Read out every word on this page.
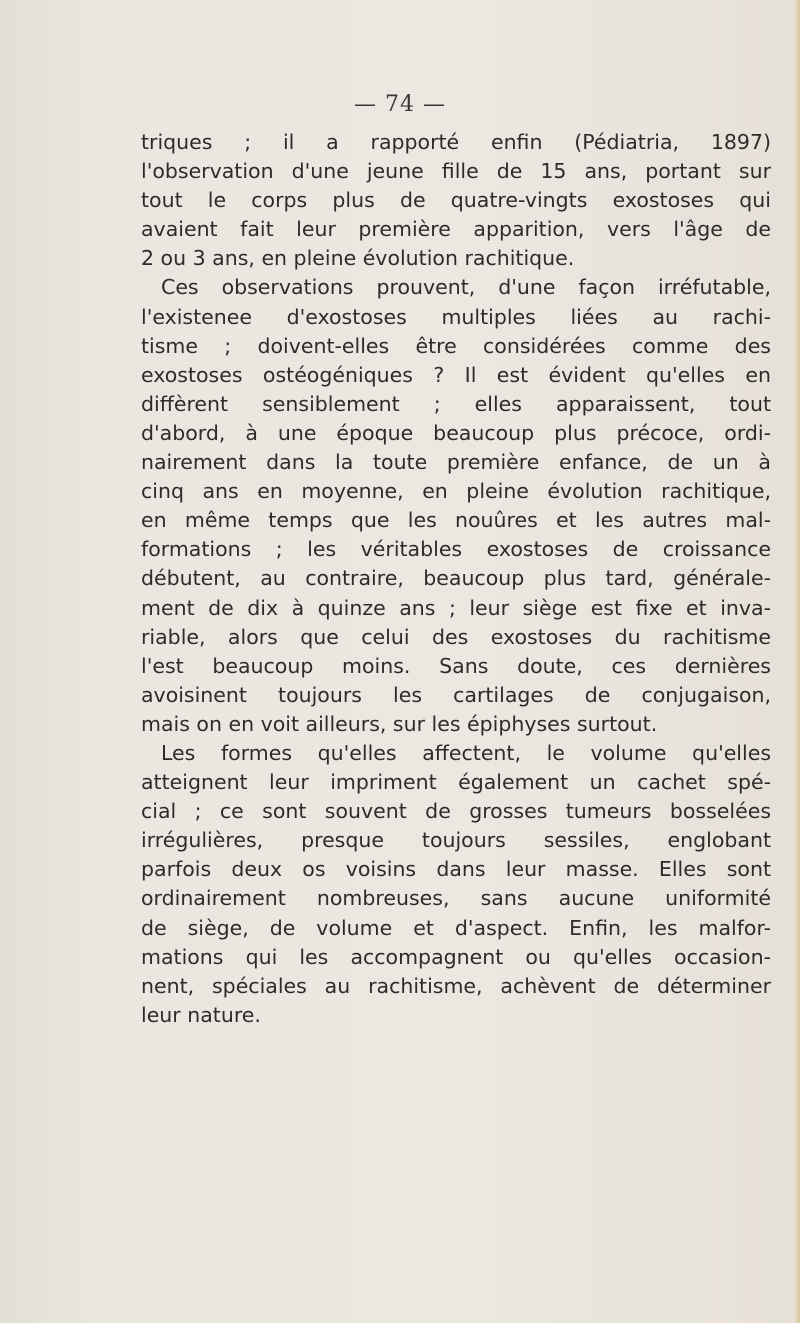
— 74 —
triques ; il a rapporté enfin (Pédiatria, 1897)
l'observation d'une jeune fille de 15 ans, portant sur
tout le corps plus de quatre-vingts exostoses qui
avaient fait leur première apparition, vers l'âge de
2 ou 3 ans, en pleine évolution rachitique.
Ces observations prouvent, d'une façon irréfutable,
l'existenee d'exostoses multiples liées au rachi-
tisme ; doivent-elles être considérées comme des
exostoses ostéogéniques ? Il est évident qu'elles en
diffèrent sensiblement ; elles apparaissent, tout
d'abord, à une époque beaucoup plus précoce, ordi-
nairement dans la toute première enfance, de un à
cinq ans en moyenne, en pleine évolution rachitique,
en même temps que les nouûres et les autres mal-
formations ; les véritables exostoses de croissance
débutent, au contraire, beaucoup plus tard, générale-
ment de dix à quinze ans ; leur siège est fixe et inva-
riable, alors que celui des exostoses du rachitisme
l'est beaucoup moins. Sans doute, ces dernières
avoisinent toujours les cartilages de conjugaison,
mais on en voit ailleurs, sur les épiphyses surtout.
Les formes qu'elles affectent, le volume qu'elles
atteignent leur impriment également un cachet spé-
cial ; ce sont souvent de grosses tumeurs bosselées
irrégulières, presque toujours sessiles, englobant
parfois deux os voisins dans leur masse. Elles sont
ordinairement nombreuses, sans aucune uniformité
de siège, de volume et d'aspect. Enfin, les malfor-
mations qui les accompagnent ou qu'elles occasion-
nent, spéciales au rachitisme, achèvent de déterminer
leur nature.
